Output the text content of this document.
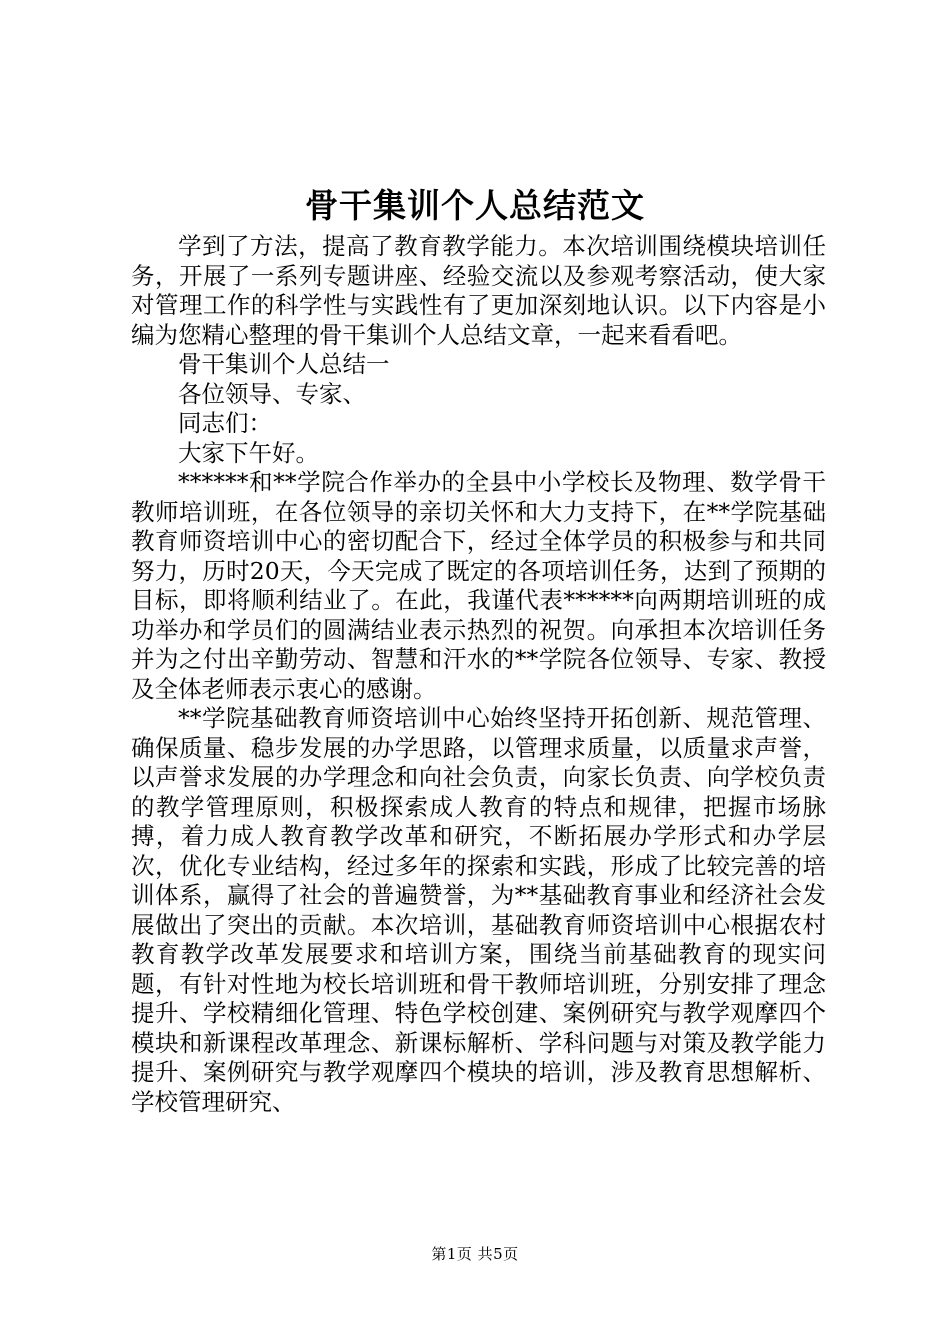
骨干集训个人总结范文

学到了方法，提高了教育教学能力。本次培训围绕模块培训任务，开展了一系列专题讲座、经验交流以及参观考察活动，使大家对管理工作的科学性与实践性有了更加深刻地认识。以下内容是小编为您精心整理的骨干集训个人总结文章，一起来看看吧。

骨干集训个人总结一

各位领导、专家、

同志们：

大家下午好。

******和**学院合作举办的全县中小学校长及物理、数学骨干教师培训班，在各位领导的亲切关怀和大力支持下，在**学院基础教育师资培训中心的密切配合下，经过全体学员的积极参与和共同努力，历时20天，今天完成了既定的各项培训任务，达到了预期的目标，即将顺利结业了。在此，我谨代表******向两期培训班的成功举办和学员们的圆满结业表示热烈的祝贺。向承担本次培训任务并为之付出辛勤劳动、智慧和汗水的**学院各位领导、专家、教授及全体老师表示衷心的感谢。

**学院基础教育师资培训中心始终坚持开拓创新、规范管理、确保质量、稳步发展的办学思路，以管理求质量，以质量求声誉，以声誉求发展的办学理念和向社会负责，向家长负责、向学校负责的教学管理原则，积极探索成人教育的特点和规律，把握市场脉搏，着力成人教育教学改革和研究，不断拓展办学形式和办学层次，优化专业结构，经过多年的探索和实践，形成了比较完善的培训体系，赢得了社会的普遍赞誉，为**基础教育事业和经济社会发展做出了突出的贡献。本次培训，基础教育师资培训中心根据农村教育教学改革发展要求和培训方案，围绕当前基础教育的现实问题，有针对性地为校长培训班和骨干教师培训班，分别安排了理念提升、学校精细化管理、特色学校创建、案例研究与教学观摩四个模块和新课程改革理念、新课标解析、学科问题与对策及教学能力提升、案例研究与教学观摩四个模块的培训，涉及教育思想解析、学校管理研究、

第1页 共5页
